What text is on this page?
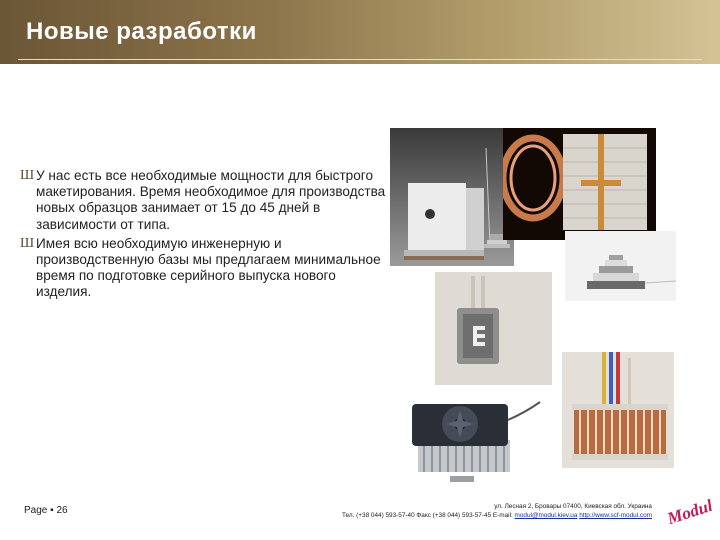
Новые разработки
Ш У нас есть все необходимые мощности для быстрого макетирования. Время необходимое для производства новых образцов занимает от 15 до 45 дней в зависимости от типа.
Ш Имея всю необходимую инженерную и производственную базы мы предлагаем минимальное время по подготовке серийного выпуска нового изделия.
Page ▪ 26	ул. Лесная 2, Бровары 07400, Киевская обл. Украина
Тел. (+38 044) 593-57-40 Факс (+38 044) 593-57-45 E-mail: modul@modul.kiev.ua http://www.scf-modul.com Modul
